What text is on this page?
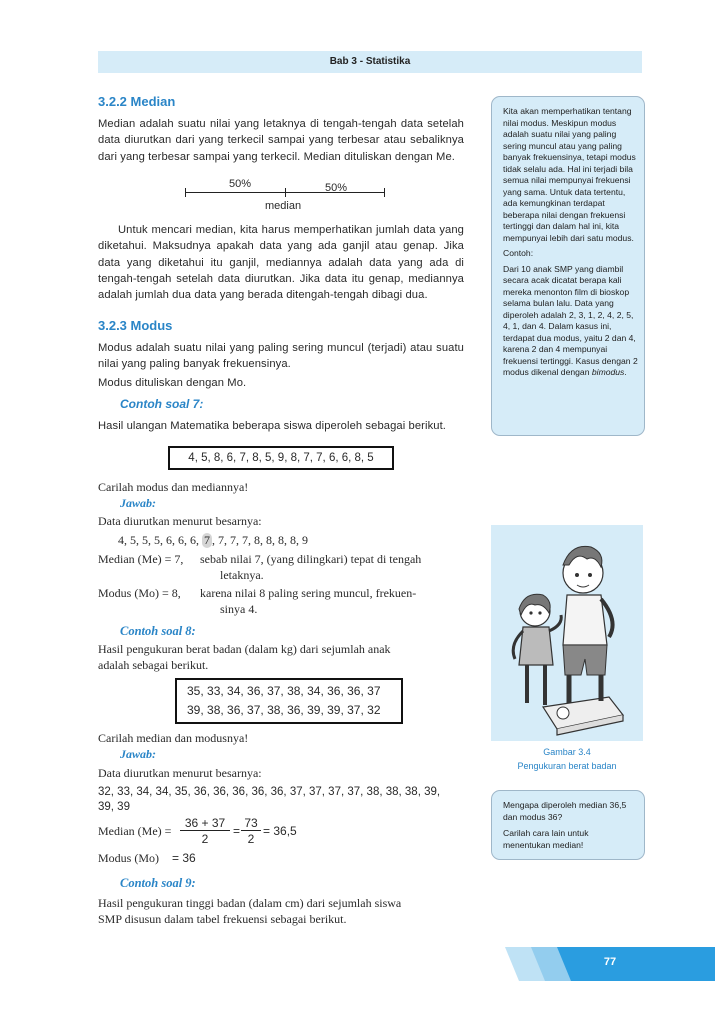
Bab 3 - Statistika
3.2.2 Median

Median adalah suatu nilai yang letaknya di tengah-tengah data setelah data diurutkan dari yang terkecil sampai yang terbesar atau sebaliknya dari yang terbesar sampai yang terkecil. Median dituliskan dengan Me.

50%	50%
median

Untuk mencari median, kita harus memperhatikan jumlah data yang diketahui. Maksudnya apakah data yang ada ganjil atau genap. Jika data yang diketahui itu ganjil, mediannya adalah data yang ada di tengah-tengah setelah data diurutkan. Jika data itu genap, mediannya adalah jumlah dua data yang berada ditengah-tengah dibagi dua.

3.2.3 Modus

Modus adalah suatu nilai yang paling sering muncul (terjadi) atau suatu nilai yang paling banyak frekuensinya.

Modus dituliskan dengan Mo.

Contoh soal 7:

Hasil ulangan Matematika beberapa siswa diperoleh sebagai berikut.

4, 5, 8, 6, 7, 8, 5, 9, 8, 7, 7, 6, 6, 8, 5
Carilah modus dan mediannya!
Jawab:
Data diurutkan menurut besarnya:
4, 5, 5, 5, 6, 6, 6, 7 , 7, 7, 7, 8, 8, 8, 8, 9
Median (Me) = 7, sebab nilai 7, (yang dilingkari) tepat di tengah
letaknya.
Modus (Mo) = 8, karena nilai 8 paling sering muncul, frekuen-
sinya 4.
Contoh soal 8:
Hasil pengukuran berat badan (dalam kg) dari sejumlah anak
adalah sebagai berikut.
35, 33, 34, 36, 37, 38, 34, 36, 36, 37
39, 38, 36, 37, 38, 36, 39, 39, 37, 32
Carilah median dan modusnya!
Jawab:
Data diurutkan menurut besarnya:
32, 33, 34, 34, 35, 36, 36, 36, 36, 36, 37, 37, 37, 37, 38, 38, 38, 39,
39, 39
Median $(Me) = \frac{36 + 37}{2} = \frac{73}{2} = 36,5$
Modus (Mo) = 36
Contoh soal 9:
Hasil pengukuran tinggi badan (dalam cm) dari sejumlah siswa
SMP disusun dalam tabel frekuensi sebagai berikut.

Kita akan memperhatikan tentang nilai modus. Meskipun modus adalah suatu nilai yang paling sering muncul atau yang paling banyak frekuensinya, tetapi modus tidak selalu ada. Hal ini terjadi bila semua nilai mempunyai frekuensi yang sama. Untuk data tertentu, ada kemungkinan terdapat beberapa nilai dengan frekuensi tertinggi dan dalam hal ini, kita mempunyai lebih dari satu modus.

Contoh:

Dari 10 anak SMP yang diambil secara acak dicatat berapa kali mereka menonton film di bioskop selama bulan lalu. Data yang diperoleh adalah 2, 3, 1, 2, 4, 2, 5, 4, 1, dan 4. Dalam kasus ini, terdapat dua modus, yaitu 2 dan 4, karena 2 dan 4 mempunyai frekuensi tertinggi. Kasus dengan 2 modus dikenal dengan bimodus.

Gambar 3.4
Pengukuran berat badan

Mengapa diperoleh median 36,5 dan modus 36?

Carilah cara lain untuk menentukan median!

77
